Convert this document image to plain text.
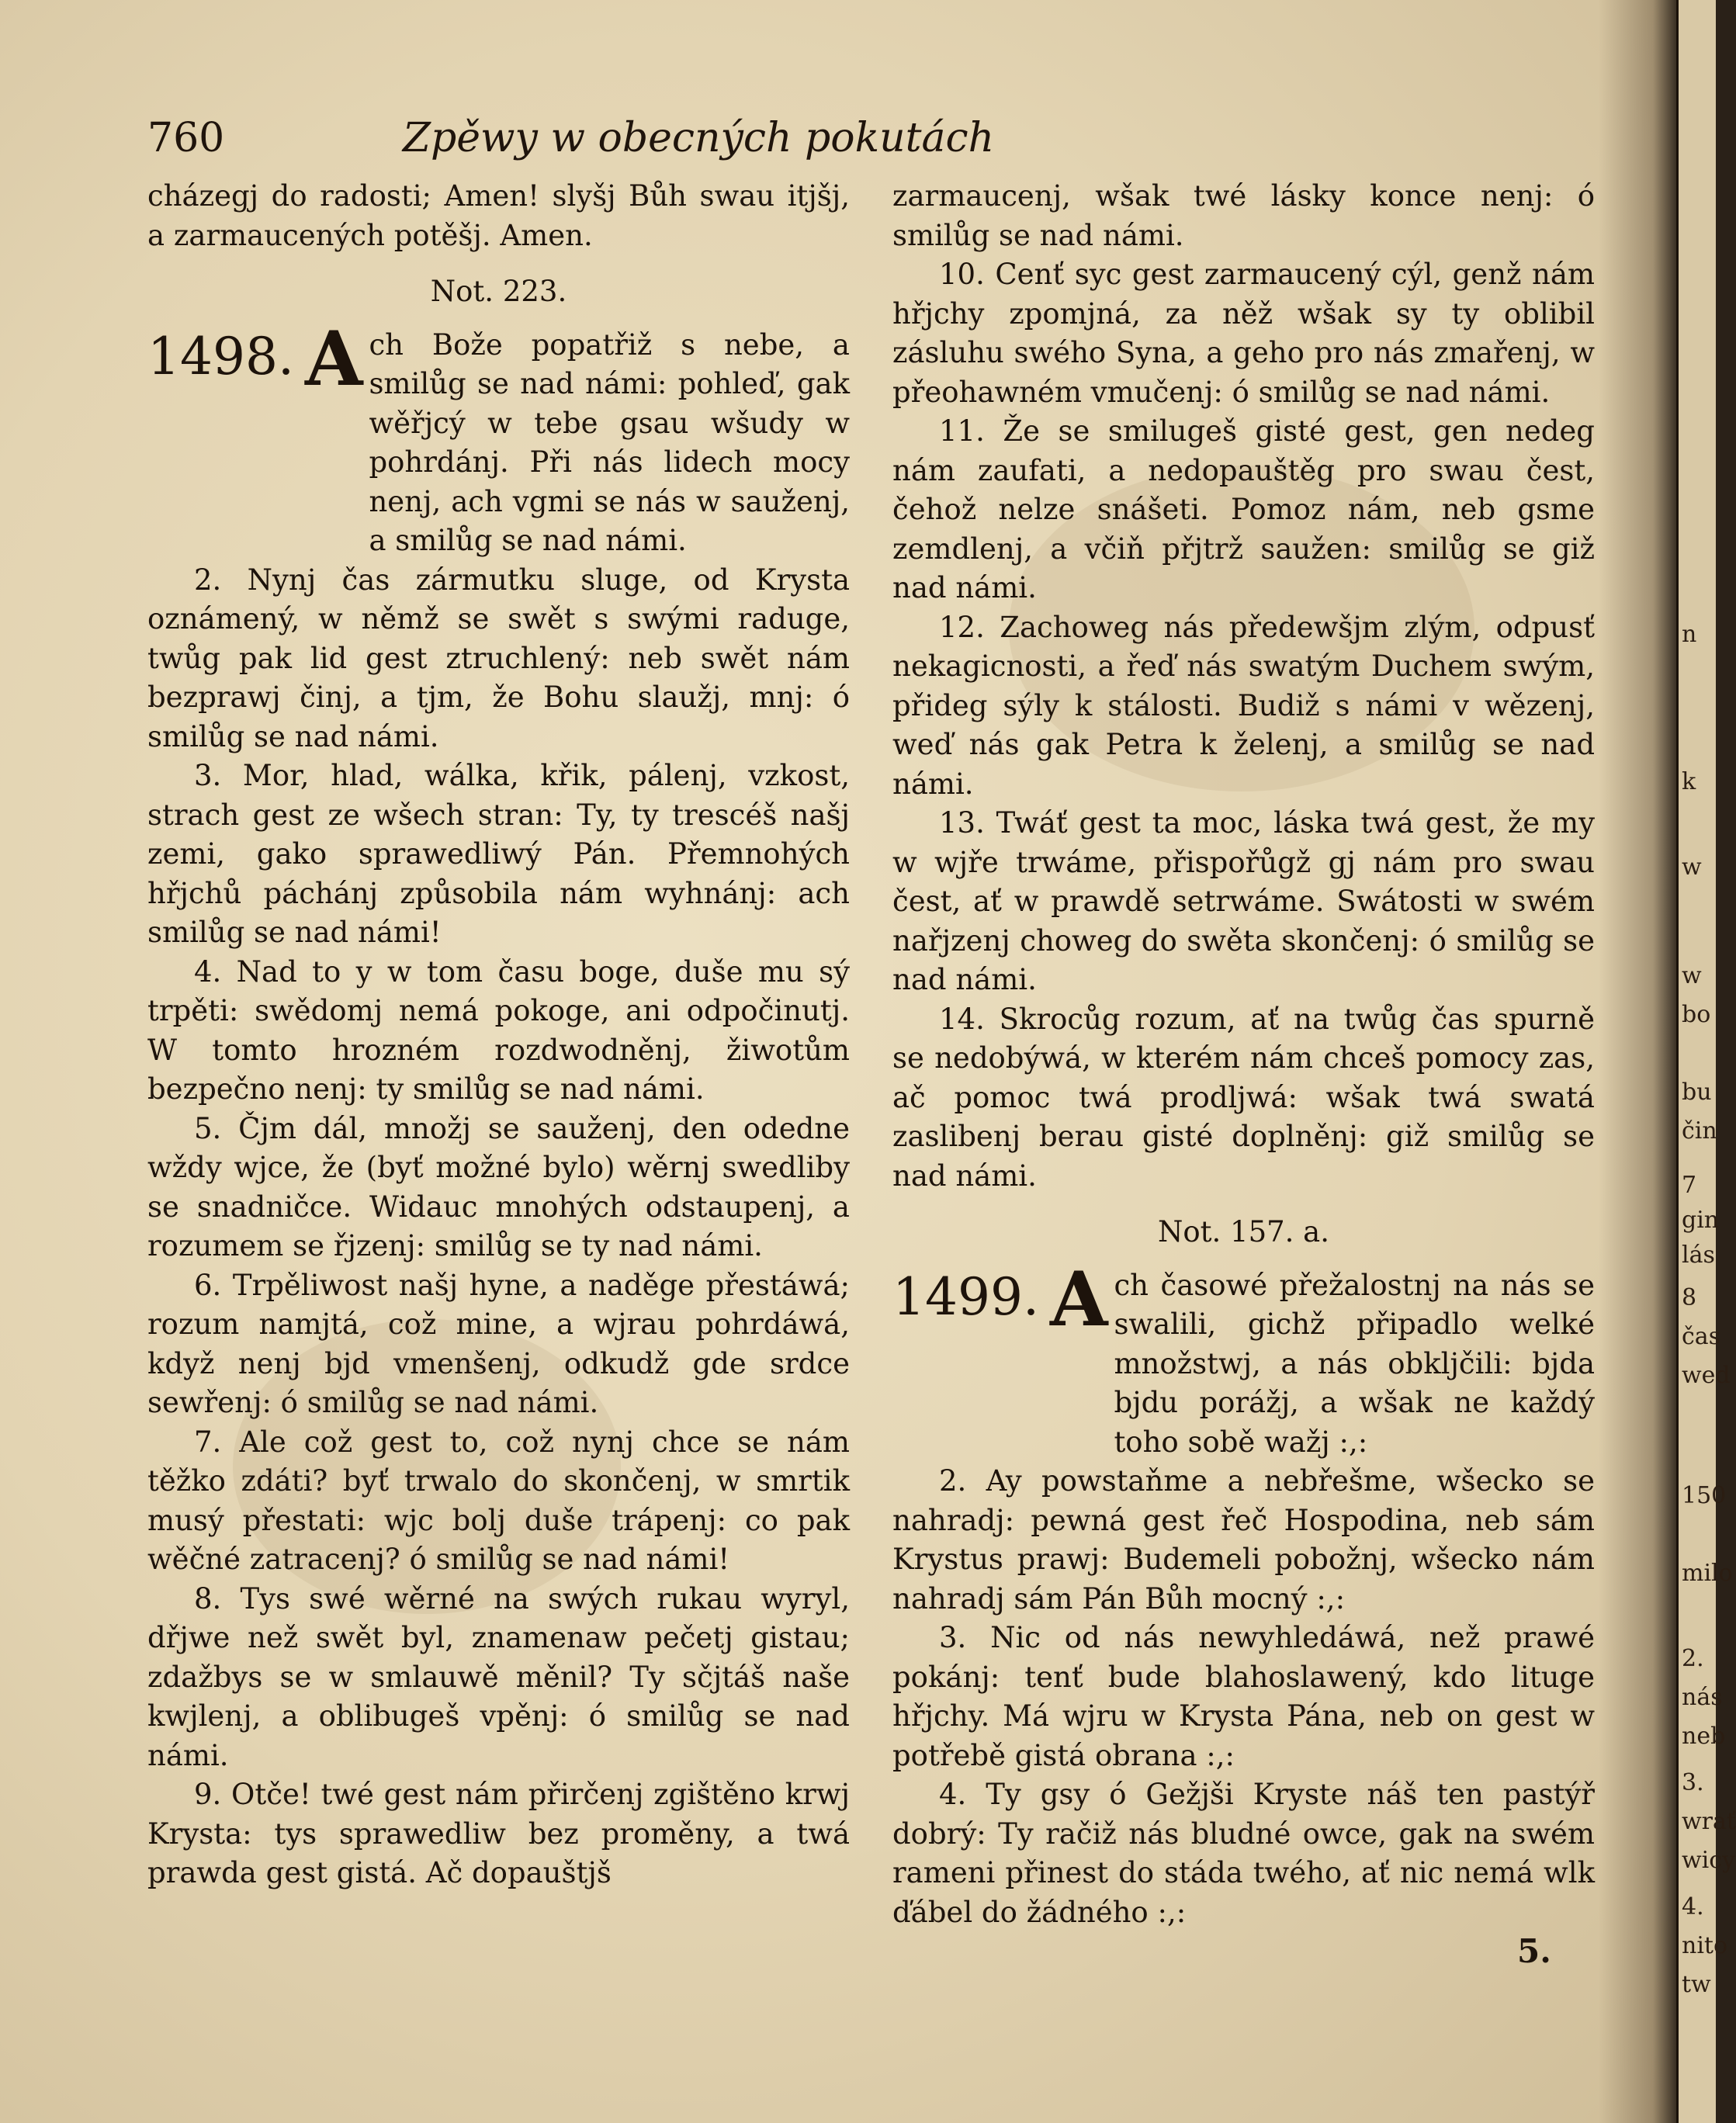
760	Zpěwy w obecných pokutách

cházegj do radosti; Amen! slyšj Bůh swau itjšj, a zarmaucených potěšj. Amen.

Not. 223.

1498. A ch Bože popatřiž s nebe, a smilůg se nad námi: pohleď, gak wěřjcý w tebe gsau wšudy w pohrdánj. Při nás lidech mocy nenj, ach vgmi se nás w sauženj, a smilůg se nad námi.

2. Nynj čas zármutku sluge, od Krysta oznámený, w němž se swět s swými raduge, twůg pak lid gest ztruchlený: neb swět nám bezprawj činj, a tjm, že Bohu slaužj, mnj: ó smilůg se nad námi.

3. Mor, hlad, wálka, křik, pálenj, vzkost, strach gest ze wšech stran: Ty, ty trescéš našj zemi, gako sprawedliwý Pán. Přemnohých hřjchů páchánj způsobila nám wyhnánj: ach smilůg se nad námi!

4. Nad to y w tom času boge, duše mu sý trpěti: swědomj nemá pokoge, ani odpočinutj. W tomto hrozném rozdwodněnj, žiwotům bezpečno nenj: ty smilůg se nad námi.

5. Čjm dál, množj se sauženj, den odedne wždy wjce, že (byť možné bylo) wěrnj swedliby se snadničce. Widauc mnohých odstaupenj, a rozumem se řjzenj: smilůg se ty nad námi.

6. Trpěliwost našj hyne, a naděge přestáwá; rozum namjtá, což mine, a wjrau pohrdáwá, když nenj bjd vmenšenj, odkudž gde srdce sewřenj: ó smilůg se nad námi.

7. Ale což gest to, což nynj chce se nám těžko zdáti? byť trwalo do skončenj, w smrtik musý přestati: wjc bolj duše trápenj: co pak wěčné zatracenj? ó smilůg se nad námi!

8. Tys swé wěrné na swých rukau wyryl, dřjwe než swět byl, znamenaw pečetj gistau; zdažbys se w smlauwě měnil? Ty sčjtáš naše kwjlenj, a oblibugeš vpěnj: ó smilůg se nad námi.

9. Otče! twé gest nám přirčenj zgištěno krwj Krysta: tys sprawedliw bez proměny, a twá prawda gest gistá. Ač dopauštjš

zarmaucenj, wšak twé lásky konce nenj: ó smilůg se nad námi.

10. Cenť syc gest zarmaucený cýl, genž nám hřjchy zpomjná, za něž wšak sy ty oblibil zásluhu swého Syna, a geho pro nás zmařenj, w přeohawném vmučenj: ó smilůg se nad námi.

11. Že se smilugeš gisté gest, gen nedeg nám zaufati, a nedopauštěg pro swau čest, čehož nelze snášeti. Pomoz nám, neb gsme zemdlenj, a včiň přjtrž saužen: smilůg se giž nad námi.

12. Zachoweg nás předewšjm zlým, odpusť nekagicnosti, a řeď nás swatým Duchem swým, přideg sýly k stálosti. Budiž s námi v wězenj, weď nás gak Petra k želenj, a smilůg se nad námi.

13. Twáť gest ta moc, láska twá gest, že my w wjře trwáme, přispořůgž gj nám pro swau čest, ať w prawdě setrwáme. Swátosti w swém nařjzenj choweg do swěta skončenj: ó smilůg se nad námi.

14. Skrocůg rozum, ať na twůg čas spurně se nedobýwá, w kterém nám chceš pomocy zas, ač pomoc twá prodljwá: wšak twá swatá zaslibenj berau gisté doplněnj: giž smilůg se nad námi.

Not. 157. a.

1499. A ch časowé přežalostnj na nás se swalili, gichž připadlo welké množstwj, a nás obkljčili: bjda bjdu porážj, a wšak ne každý toho sobě wažj :,:

2. Ay powstaňme a nebřešme, wšecko se nahradj: pewná gest řeč Hospodina, neb sám Krystus prawj: Budemeli pobožnj, wšecko nám nahradj sám Pán Bůh mocný :,:

3. Nic od nás newyhledáwá, než prawé pokánj: tenť bude blahoslawený, kdo lituge hřjchy. Má wjru w Krysta Pána, neb on gest w potřebě gistá obrana :,:

4. Ty gsy ó Gežjši Kryste náš ten pastýř dobrý: Ty račiž nás bludné owce, gak na swém rameni přinest do stáda twého, ať nic nemá wlk ďábel do žádného :,:

5.
n
k
w
w
bo
bu
čin
7
gin
lás
8
čas
wed
150
milo
2.
nás
neb
3.
wrať
wicy
4.
nito
tw
